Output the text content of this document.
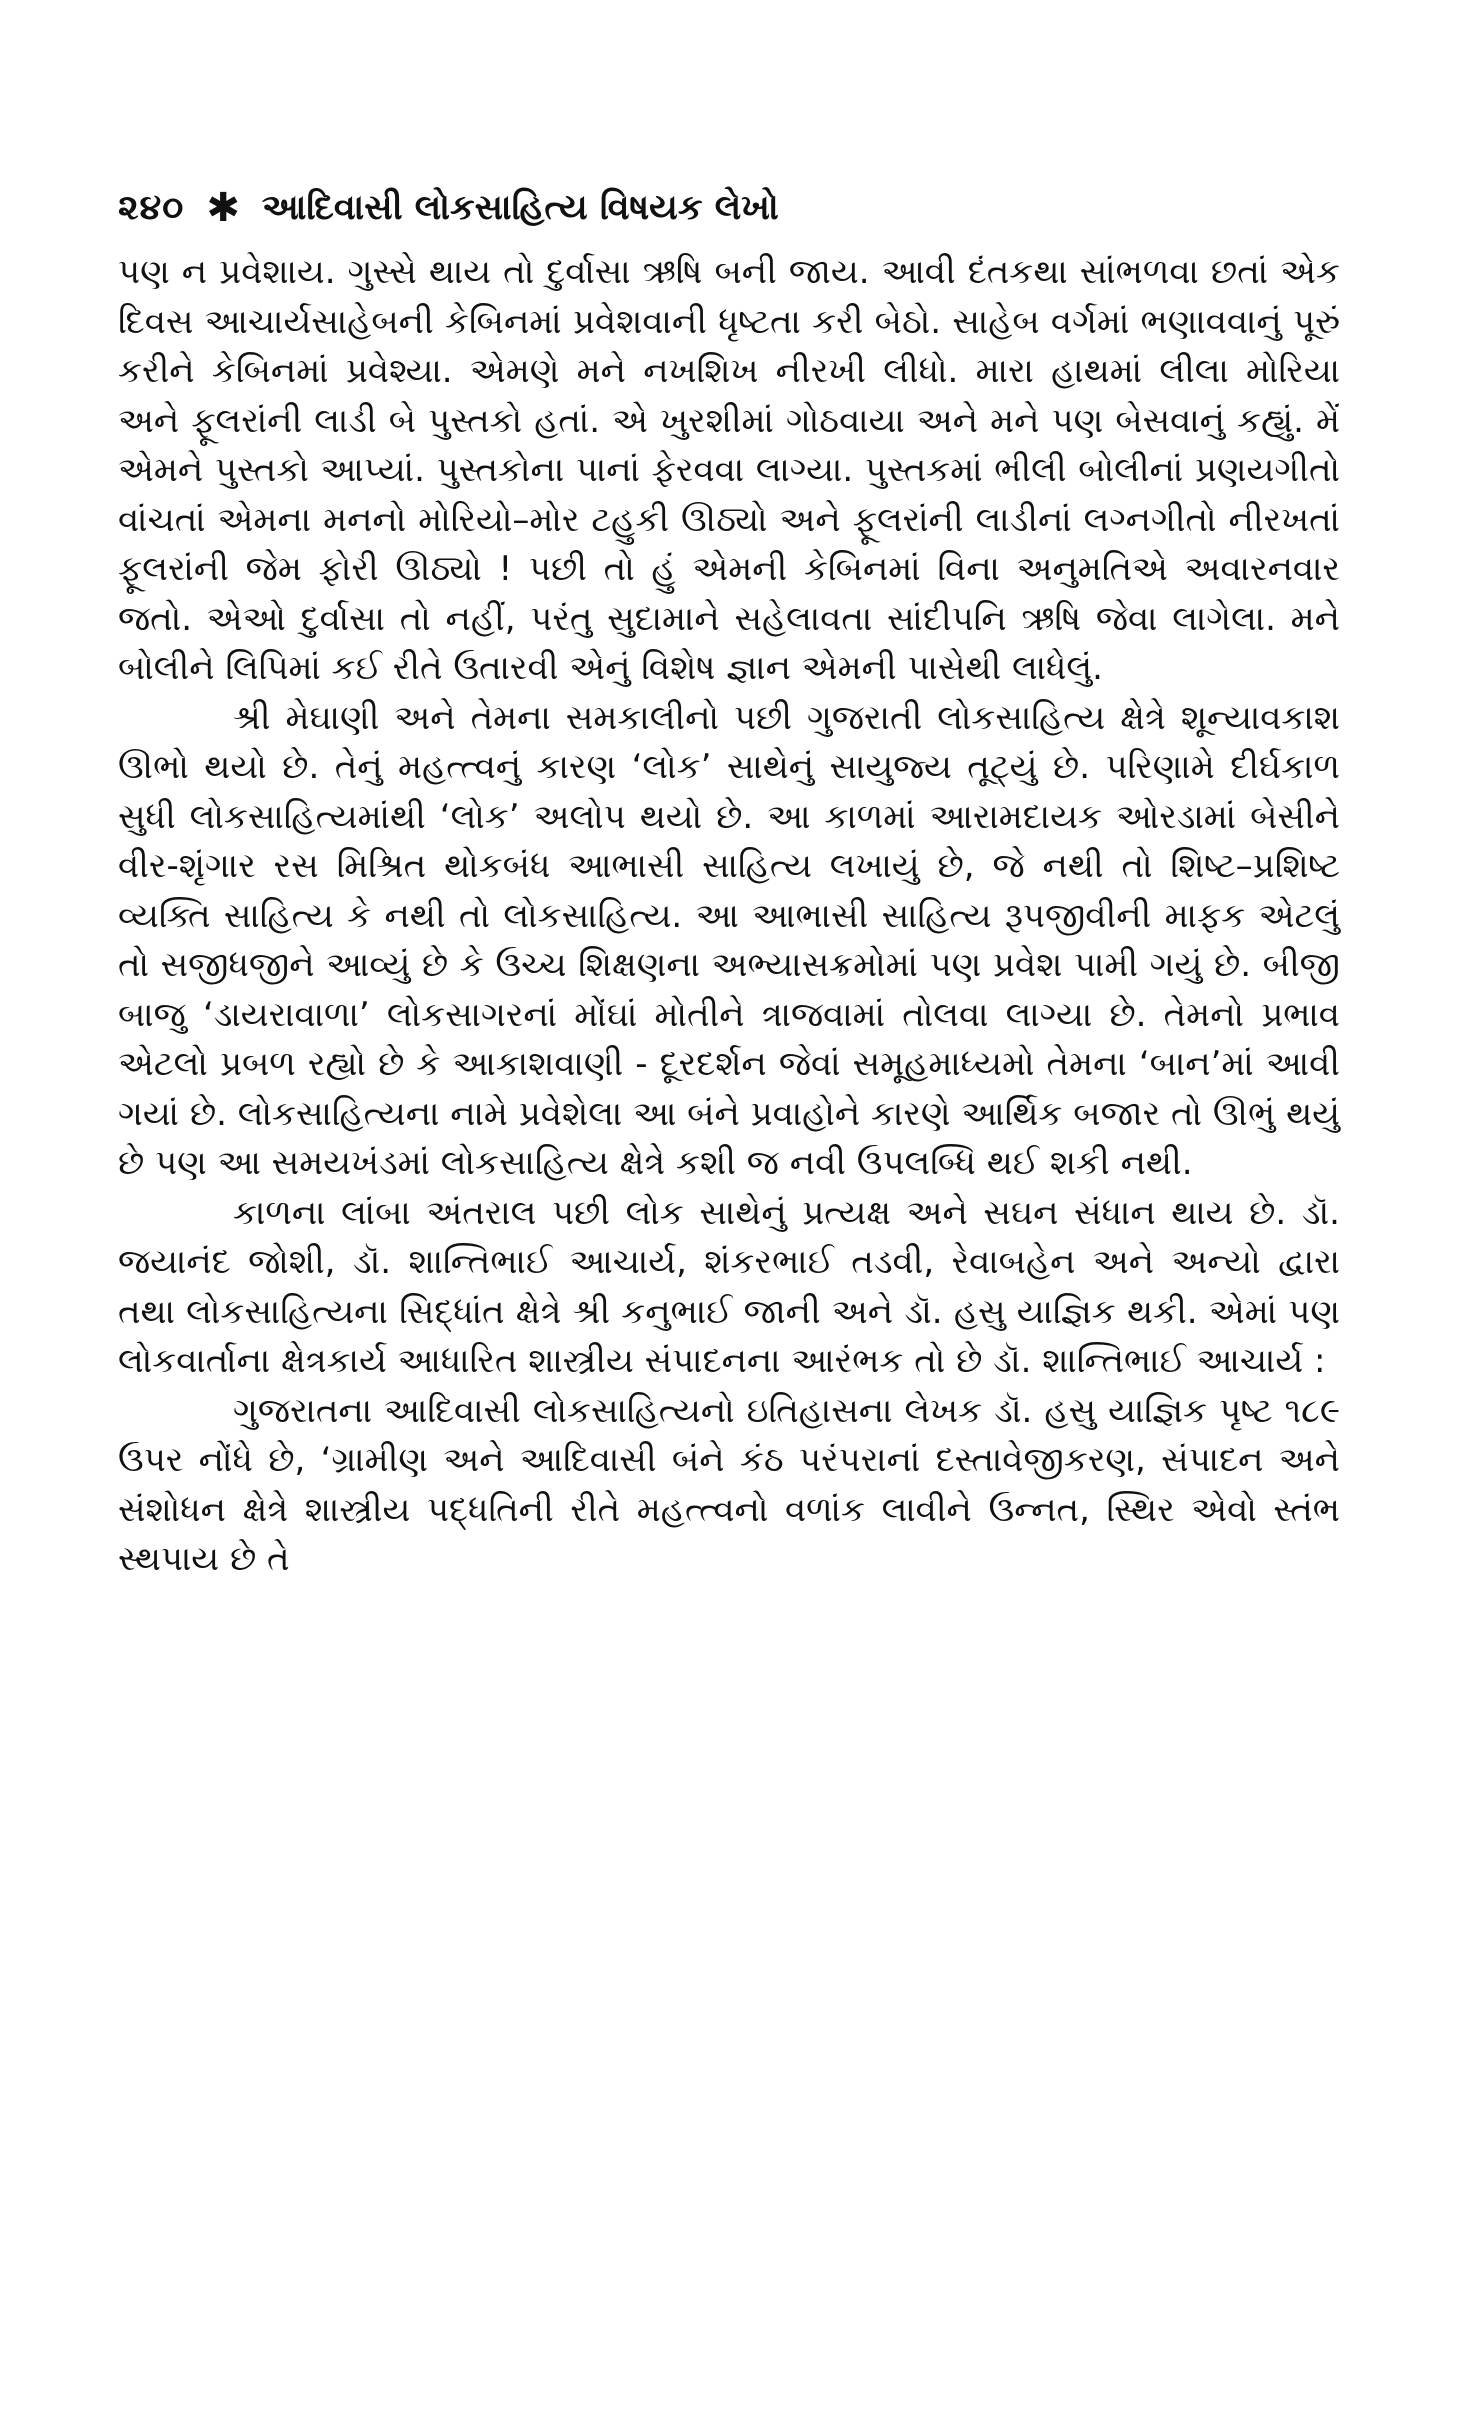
૨૪૦ ✱ આદિવાસી લોકસાહિત્ય વિષયક લેખો

પણ ન પ્રવેશાય. ગુસ્સે થાય તો દુર્વાસા ઋષિ બની જાય. આવી દંતકથા સાંભળવા છતાં એક દિવસ આચાર્યસાહેબની કેબિનમાં પ્રવેશવાની ધૃષ્ટતા કરી બેઠો. સાહેબ વર્ગમાં ભણાવવાનું પૂરું કરીને કેબિનમાં પ્રવેશ્યા. એમણે મને નખશિખ નીરખી લીધો. મારા હાથમાં લીલા મોરિયા અને ફૂલરાંની લાડી બે પુસ્તકો હતાં. એ ખુરશીમાં ગોઠવાયા અને મને પણ બેસવાનું કહ્યું. મેં એમને પુસ્તકો આપ્યાં. પુસ્તકોના પાનાં ફેરવવા લાગ્યા. પુસ્તકમાં ભીલી બોલીનાં પ્રણયગીતો વાંચતાં એમના મનનો મોરિયો–મોર ટહુકી ઊઠ્યો અને ફૂલરાંની લાડીનાં લગ્નગીતો નીરખતાં ફૂલરાંની જેમ ફોરી ઊઠ્યો ! પછી તો હું એમની કેબિનમાં વિના અનુમતિએ અવારનવાર જતો. એઓ દુર્વાસા તો નહીં, પરંતુ સુદામાને સહેલાવતા સાંદીપનિ ઋષિ જેવા લાગેલા. મને બોલીને લિપિમાં કઈ રીતે ઉતારવી એનું વિશેષ જ્ઞાન એમની પાસેથી લાધેલું.

શ્રી મેઘાણી અને તેમના સમકાલીનો પછી ગુજરાતી લોકસાહિત્ય ક્ષેત્રે શૂન્યાવકાશ ઊભો થયો છે. તેનું મહત્ત્વનું કારણ ‘લોક’ સાથેનું સાયુજ્ય તૂટ્યું છે. પરિણામે દીર્ઘકાળ સુધી લોકસાહિત્યમાંથી ‘લોક’ અલોપ થયો છે. આ કાળમાં આરામદાયક ઓરડામાં બેસીને વીર-શૃંગાર રસ મિશ્રિત થોકબંધ આભાસી સાહિત્ય લખાયું છે, જે નથી તો શિષ્ટ–પ્રશિષ્ટ વ્યક્તિ સાહિત્ય કે નથી તો લોકસાહિત્ય. આ આભાસી સાહિત્ય રૂપજીવીની માફક એટલું તો સજીધજીને આવ્યું છે કે ઉચ્ચ શિક્ષણના અભ્યાસક્રમોમાં પણ પ્રવેશ પામી ગયું છે. બીજી બાજુ ‘ડાયરાવાળા’ લોકસાગરનાં મોંઘાં મોતીને ત્રાજવામાં તોલવા લાગ્યા છે. તેમનો પ્રભાવ એટલો પ્રબળ રહ્યો છે કે આકાશવાણી - દૂરદર્શન જેવાં સમૂહમાધ્યમો તેમના ‘બાન’માં આવી ગયાં છે. લોકસાહિત્યના નામે પ્રવેશેલા આ બંને પ્રવાહોને કારણે આર્થિક બજાર તો ઊભું થયું છે પણ આ સમયખંડમાં લોકસાહિત્ય ક્ષેત્રે કશી જ નવી ઉપલબ્ધિ થઈ શકી નથી.

કાળના લાંબા અંતરાલ પછી લોક સાથેનું પ્રત્યક્ષ અને સઘન સંધાન થાય છે. ડૉ. જયાનંદ જોશી, ડૉ. શાન્તિભાઈ આચાર્ય, શંકરભાઈ તડવી, રેવાબહેન અને અન્યો દ્વારા તથા લોકસાહિત્યના સિદ્ધાંત ક્ષેત્રે શ્રી કનુભાઈ જાની અને ડૉ. હસુ યાજ્ઞિક થકી. એમાં પણ લોકવાર્તાના ક્ષેત્રકાર્ય આધારિત શાસ્ત્રીય સંપાદનના આરંભક તો છે ડૉ. શાન્તિભાઈ આચાર્ય :

ગુજરાતના આદિવાસી લોકસાહિત્યનો ઇતિહાસના લેખક ડૉ. હસુ યાજ્ઞિક પૃષ્ટ ૧૮૯ ઉપર નોંધે છે, ‘ગ્રામીણ અને આદિવાસી બંને કંઠ પરંપરાનાં દસ્તાવેજીકરણ, સંપાદન અને સંશોધન ક્ષેત્રે શાસ્ત્રીય પદ્ધતિની રીતે મહત્ત્વનો વળાંક લાવીને ઉન્નત, સ્થિર એવો સ્તંભ સ્થપાય છે તે
